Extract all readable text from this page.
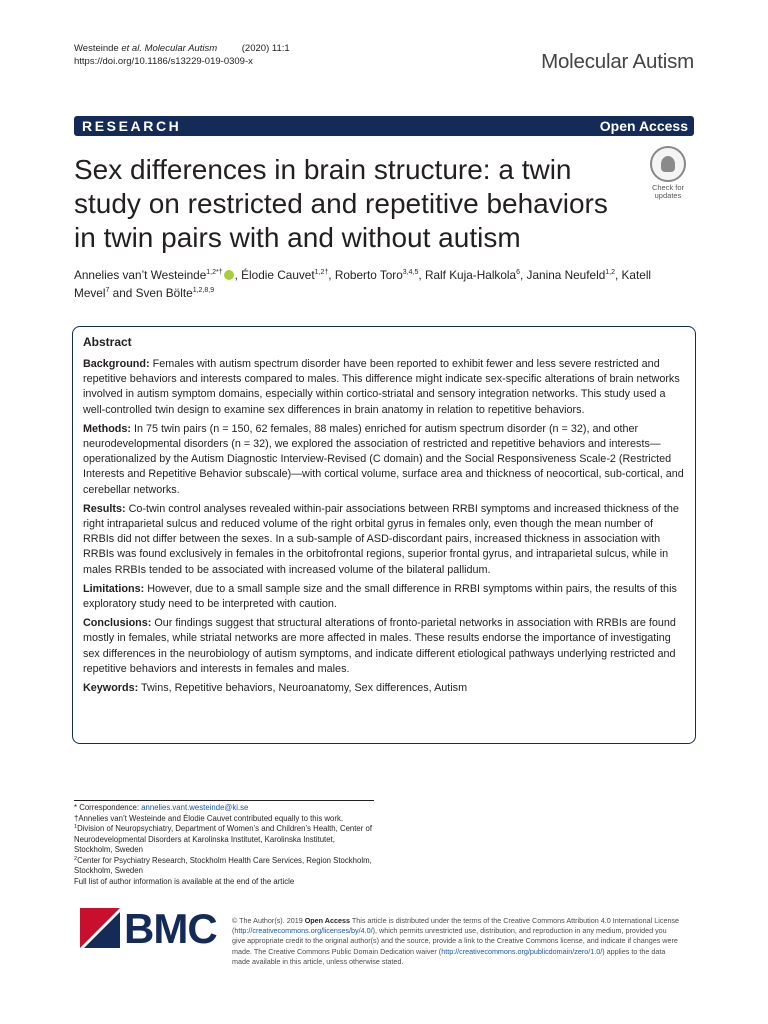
Westeinde et al. Molecular Autism	(2020) 11:1
https://doi.org/10.1186/s13229-019-0309-x	Molecular Autism
RESEARCH	Open Access
Sex differences in brain structure: a twin study on restricted and repetitive behaviors in twin pairs with and without autism
Check for
updates
Annelies van’t Westeinde$^{1,2*\dagger}$ , Élodie Cauvet$^{1,2\dagger}$, Roberto Toro$^{3,4,5}$, Ralf Kuja-Halkola$^6$, Janina Neufeld$^{1,2}$, Katell Mevel$^7$ and Sven Bölte$^{1,2,8,9}$
Abstract

Background: Females with autism spectrum disorder have been reported to exhibit fewer and less severe restricted and repetitive behaviors and interests compared to males. This difference might indicate sex-specific alterations of brain networks involved in autism symptom domains, especially within cortico-striatal and sensory integration networks. This study used a well-controlled twin design to examine sex differences in brain anatomy in relation to repetitive behaviors.

Methods: In 75 twin pairs (n = 150, 62 females, 88 males) enriched for autism spectrum disorder (n = 32), and other neurodevelopmental disorders (n = 32), we explored the association of restricted and repetitive behaviors and interests—operationalized by the Autism Diagnostic Interview-Revised (C domain) and the Social Responsiveness Scale-2 (Restricted Interests and Repetitive Behavior subscale)—with cortical volume, surface area and thickness of neocortical, sub-cortical, and cerebellar networks.

Results: Co-twin control analyses revealed within-pair associations between RRBI symptoms and increased thickness of the right intraparietal sulcus and reduced volume of the right orbital gyrus in females only, even though the mean number of RRBIs did not differ between the sexes. In a sub-sample of ASD-discordant pairs, increased thickness in association with RRBIs was found exclusively in females in the orbitofrontal regions, superior frontal gyrus, and intraparietal sulcus, while in males RRBIs tended to be associated with increased volume of the bilateral pallidum.

Limitations: However, due to a small sample size and the small difference in RRBI symptoms within pairs, the results of this exploratory study need to be interpreted with caution.

Conclusions: Our findings suggest that structural alterations of fronto-parietal networks in association with RRBIs are found mostly in females, while striatal networks are more affected in males. These results endorse the importance of investigating sex differences in the neurobiology of autism symptoms, and indicate different etiological pathways underlying restricted and repetitive behaviors and interests in females and males.

Keywords: Twins, Repetitive behaviors, Neuroanatomy, Sex differences, Autism

* Correspondence: annelies.vant.westeinde@ki.se
†Annelies van’t Westeinde and Élodie Cauvet contributed equally to this work.
$^1$Division of Neuropsychiatry, Department of Women’s and Children’s Health, Center of Neurodevelopmental Disorders at Karolinska Institutet, Karolinska Institutet, Stockholm, Sweden
$^2$Center for Psychiatry Research, Stockholm Health Care Services, Region Stockholm, Stockholm, Sweden
Full list of author information is available at the end of the article
BMC © The Author(s). 2019 Open Access This article is distributed under the terms of the Creative Commons Attribution 4.0 International License (http://creativecommons.org/licenses/by/4.0/), which permits unrestricted use, distribution, and reproduction in any medium, provided you give appropriate credit to the original author(s) and the source, provide a link to the Creative Commons license, and indicate if changes were made. The Creative Commons Public Domain Dedication waiver (http://creativecommons.org/publicdomain/zero/1.0/) applies to the data made available in this article, unless otherwise stated.
